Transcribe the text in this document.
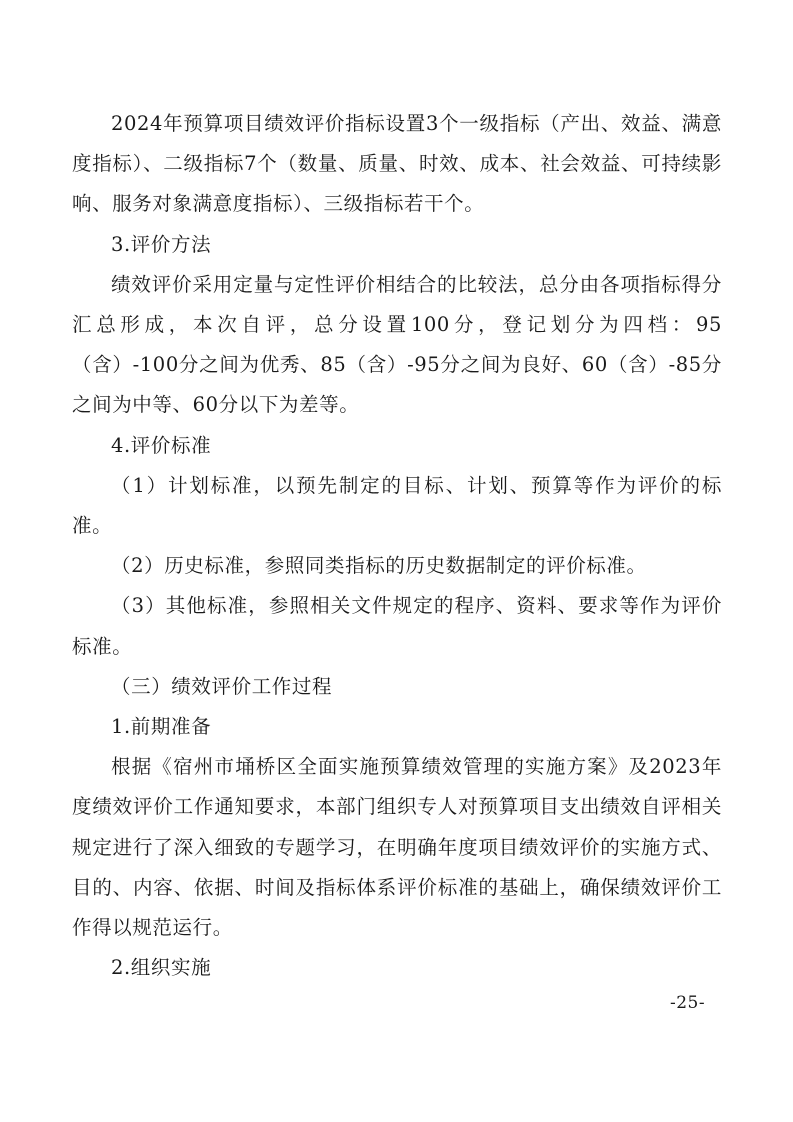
2024年预算项目绩效评价指标设置3个一级指标（产出、效益、满意度指标）、二级指标7个（数量、质量、时效、成本、社会效益、可持续影响、服务对象满意度指标）、三级指标若干个。

3.评价方法

绩效评价采用定量与定性评价相结合的比较法，总分由各项指标得分汇总形成，本次自评，总分设置100分，登记划分为四档：95（含）-100分之间为优秀、85（含）-95分之间为良好、60（含）-85分之间为中等、60分以下为差等。

4.评价标准

（1）计划标准，以预先制定的目标、计划、预算等作为评价的标准。

（2）历史标准，参照同类指标的历史数据制定的评价标准。

（3）其他标准，参照相关文件规定的程序、资料、要求等作为评价标准。

（三）绩效评价工作过程

1.前期准备

根据《宿州市埇桥区全面实施预算绩效管理的实施方案》及2023年度绩效评价工作通知要求，本部门组织专人对预算项目支出绩效自评相关规定进行了深入细致的专题学习，在明确年度项目绩效评价的实施方式、目的、内容、依据、时间及指标体系评价标准的基础上，确保绩效评价工作得以规范运行。

2.组织实施

-25-
